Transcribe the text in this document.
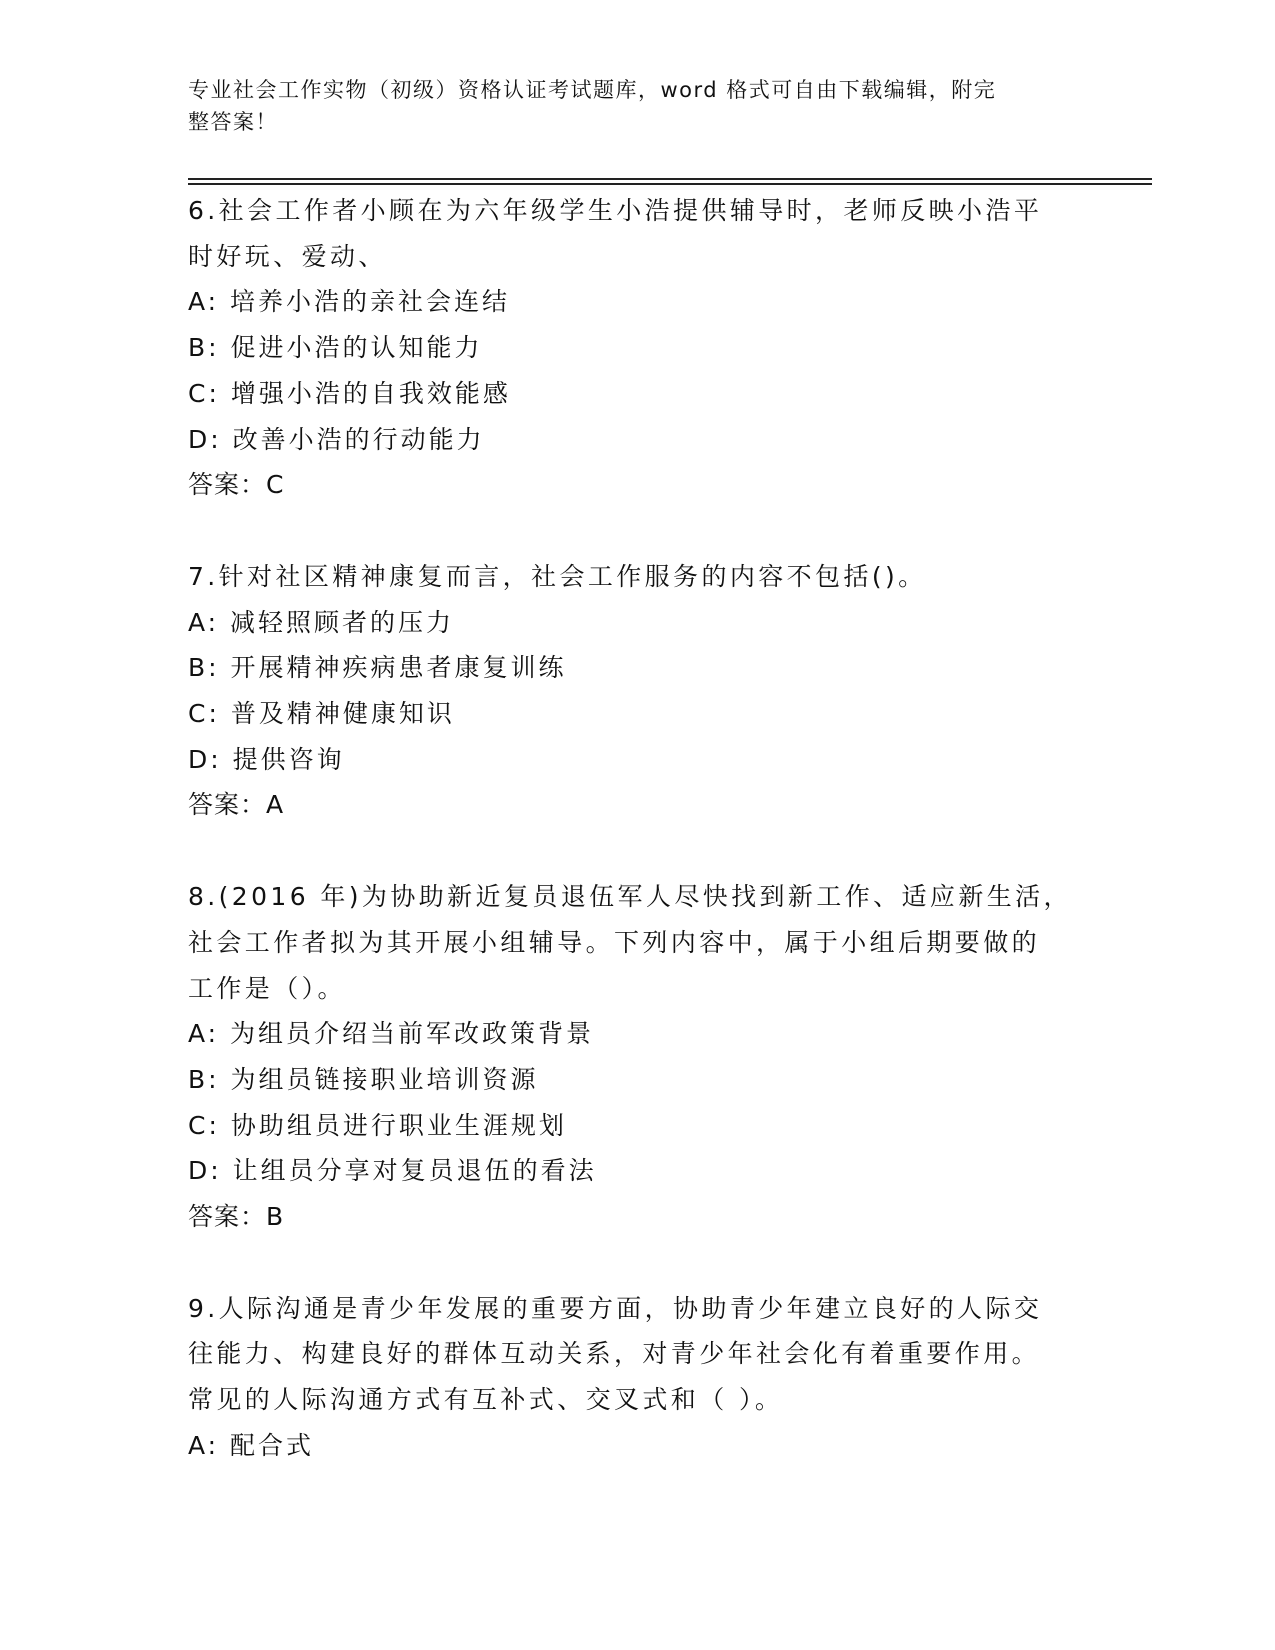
专业社会工作实物（初级）资格认证考试题库，word 格式可自由下载编辑，附完
整答案！
6.社会工作者小顾在为六年级学生小浩提供辅导时，老师反映小浩平
时好玩、爱动、
A: 培养小浩的亲社会连结
B: 促进小浩的认知能力
C: 增强小浩的自我效能感
D: 改善小浩的行动能力
答案：C
7.针对社区精神康复而言，社会工作服务的内容不包括()。
A: 减轻照顾者的压力
B: 开展精神疾病患者康复训练
C: 普及精神健康知识
D: 提供咨询
答案：A
8.(2016 年)为协助新近复员退伍军人尽快找到新工作、适应新生活，
社会工作者拟为其开展小组辅导。下列内容中，属于小组后期要做的
工作是（）。
A: 为组员介绍当前军改政策背景
B: 为组员链接职业培训资源
C: 协助组员进行职业生涯规划
D: 让组员分享对复员退伍的看法
答案：B
9.人际沟通是青少年发展的重要方面，协助青少年建立良好的人际交
往能力、构建良好的群体互动关系，对青少年社会化有着重要作用。
常见的人际沟通方式有互补式、交叉式和（ ）。
A: 配合式
